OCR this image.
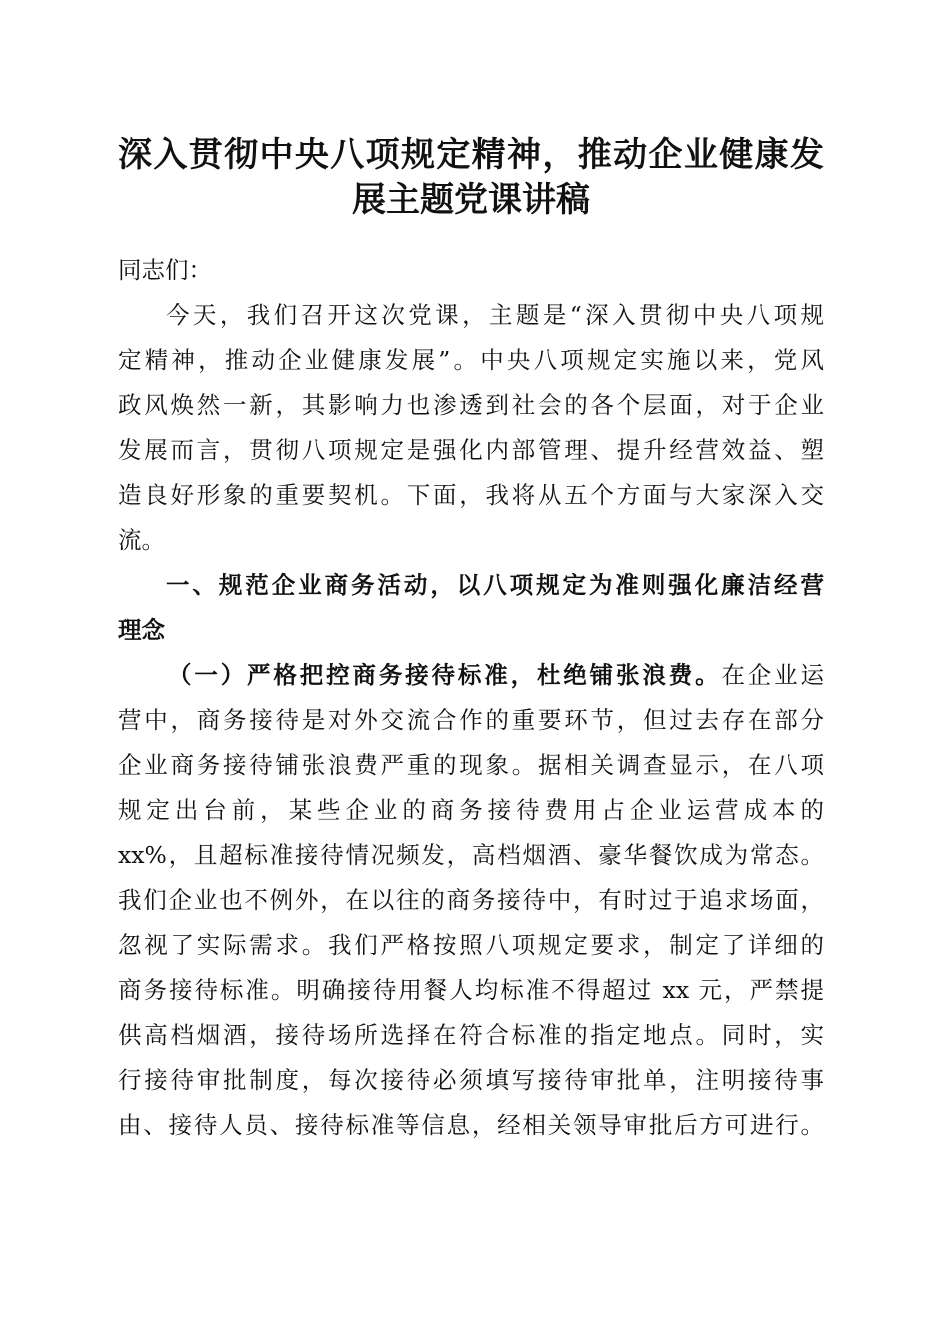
深入贯彻中央八项规定精神，推动企业健康发
展主题党课讲稿
同志们：
今天，我们召开这次党课，主题是“深入贯彻中央八项规
定精神，推动企业健康发展”。中央八项规定实施以来，党风
政风焕然一新，其影响力也渗透到社会的各个层面，对于企业
发展而言，贯彻八项规定是强化内部管理、提升经营效益、塑
造良好形象的重要契机。下面，我将从五个方面与大家深入交
流。
一、规范企业商务活动，以八项规定为准则强化廉洁经营
理念
（一）严格把控商务接待标准，杜绝铺张浪费。在企业运
营中，商务接待是对外交流合作的重要环节，但过去存在部分
企业商务接待铺张浪费严重的现象。据相关调查显示，在八项
规定出台前，某些企业的商务接待费用占企业运营成本的
xx%，且超标准接待情况频发，高档烟酒、豪华餐饮成为常态。
我们企业也不例外，在以往的商务接待中，有时过于追求场面，
忽视了实际需求。我们严格按照八项规定要求，制定了详细的
商务接待标准。明确接待用餐人均标准不得超过 xx 元，严禁提
供高档烟酒，接待场所选择在符合标准的指定地点。同时，实
行接待审批制度，每次接待必须填写接待审批单，注明接待事
由、接待人员、接待标准等信息，经相关领导审批后方可进行。
